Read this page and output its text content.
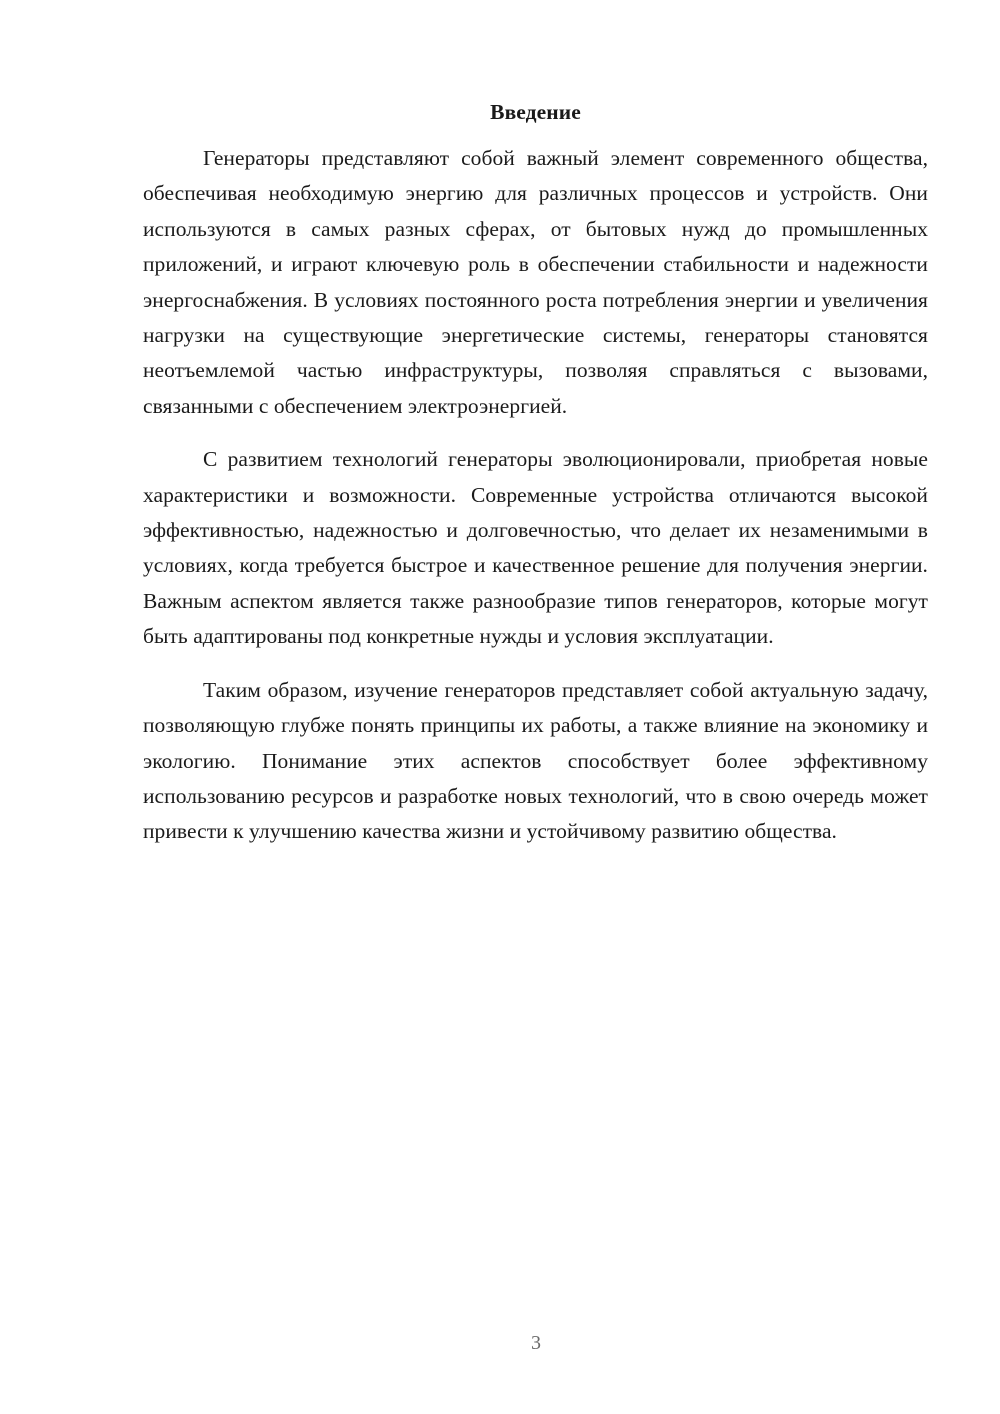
Введение

Генераторы представляют собой важный элемент современного общества, обеспечивая необходимую энергию для различных процессов и устройств. Они используются в самых разных сферах, от бытовых нужд до промышленных приложений, и играют ключевую роль в обеспечении стабильности и надежности энергоснабжения. В условиях постоянного роста потребления энергии и увеличения нагрузки на существующие энергетические системы, генераторы становятся неотъемлемой частью инфраструктуры, позволяя справляться с вызовами, связанными с обеспечением электроэнергией.

С развитием технологий генераторы эволюционировали, приобретая новые характеристики и возможности. Современные устройства отличаются высокой эффективностью, надежностью и долговечностью, что делает их незаменимыми в условиях, когда требуется быстрое и качественное решение для получения энергии. Важным аспектом является также разнообразие типов генераторов, которые могут быть адаптированы под конкретные нужды и условия эксплуатации.

Таким образом, изучение генераторов представляет собой актуальную задачу, позволяющую глубже понять принципы их работы, а также влияние на экономику и экологию. Понимание этих аспектов способствует более эффективному использованию ресурсов и разработке новых технологий, что в свою очередь может привести к улучшению качества жизни и устойчивому развитию общества.

3
